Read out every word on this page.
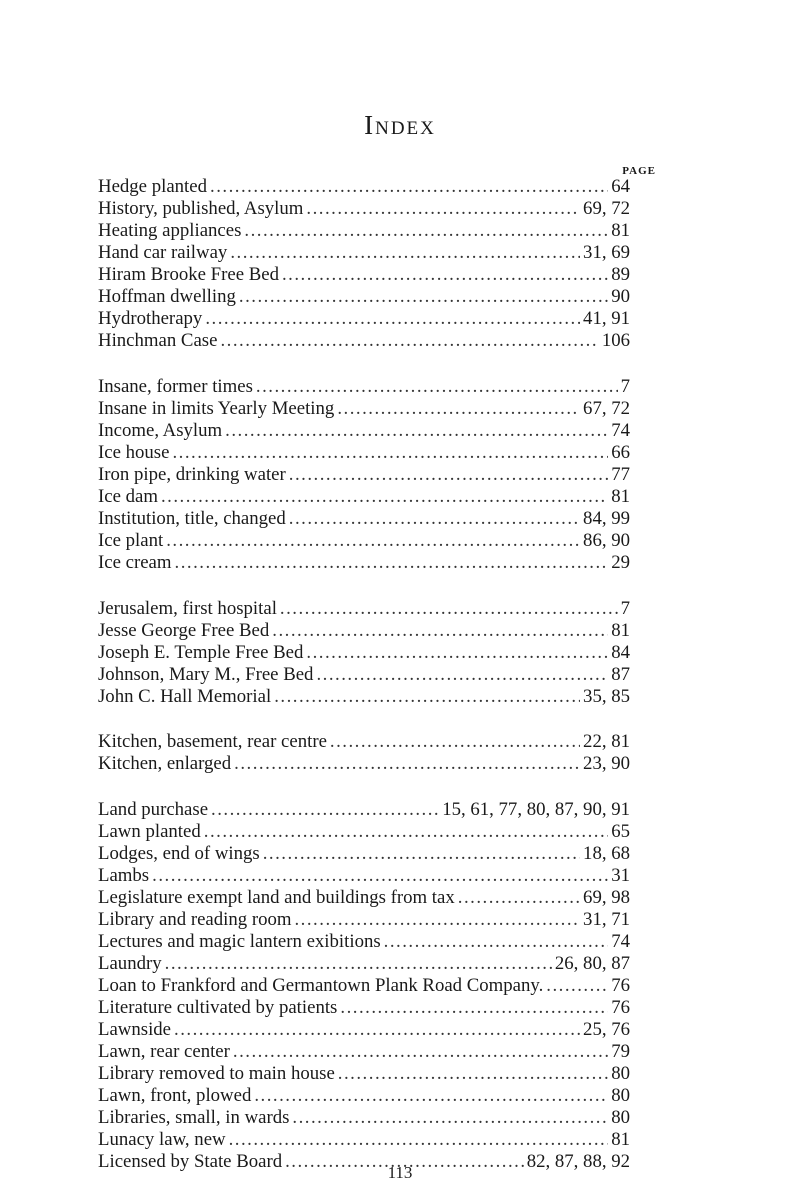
Index
PAGE
Hedge planted . . .	64
History, published, Asylum . . .	69, 72
Heating appliances . . .	81
Hand car railway . . .	31, 69
Hiram Brooke Free Bed . . .	89
Hoffman dwelling . . .	90
Hydrotherapy . . .	41, 91
Hinchman Case . . .	106
Insane, former times . . .	7
Insane in limits Yearly Meeting . . .	67, 72
Income, Asylum . . .	74
Ice house . . .	66
Iron pipe, drinking water . . .	77
Ice dam . . .	81
Institution, title, changed . . .	84, 99
Ice plant . . .	86, 90
Ice cream . . .	29
Jerusalem, first hospital . . .	7
Jesse George Free Bed . . .	81
Joseph E. Temple Free Bed . . .	84
Johnson, Mary M., Free Bed . . .	87
John C. Hall Memorial . . .	35, 85
Kitchen, basement, rear centre . . .	22, 81
Kitchen, enlarged . . .	23, 90
Land purchase . . .	15, 61, 77, 80, 87, 90, 91
Lawn planted . . .	65
Lodges, end of wings . . .	18, 68
Lambs . . .	31
Legislature exempt land and buildings from tax . . .	69, 98
Library and reading room . . .	31, 71
Lectures and magic lantern exibitions . . .	74
Laundry . . .	26, 80, 87
Loan to Frankford and Germantown Plank Road Company. . . .	76
Literature cultivated by patients . . .	76
Lawnside . . .	25, 76
Lawn, rear center . . .	79
Library removed to main house . . .	80
Lawn, front, plowed . . .	80
Libraries, small, in wards . . .	80
Lunacy law, new . . .	81
Licensed by State Board . . .	82, 87, 88, 92
113
